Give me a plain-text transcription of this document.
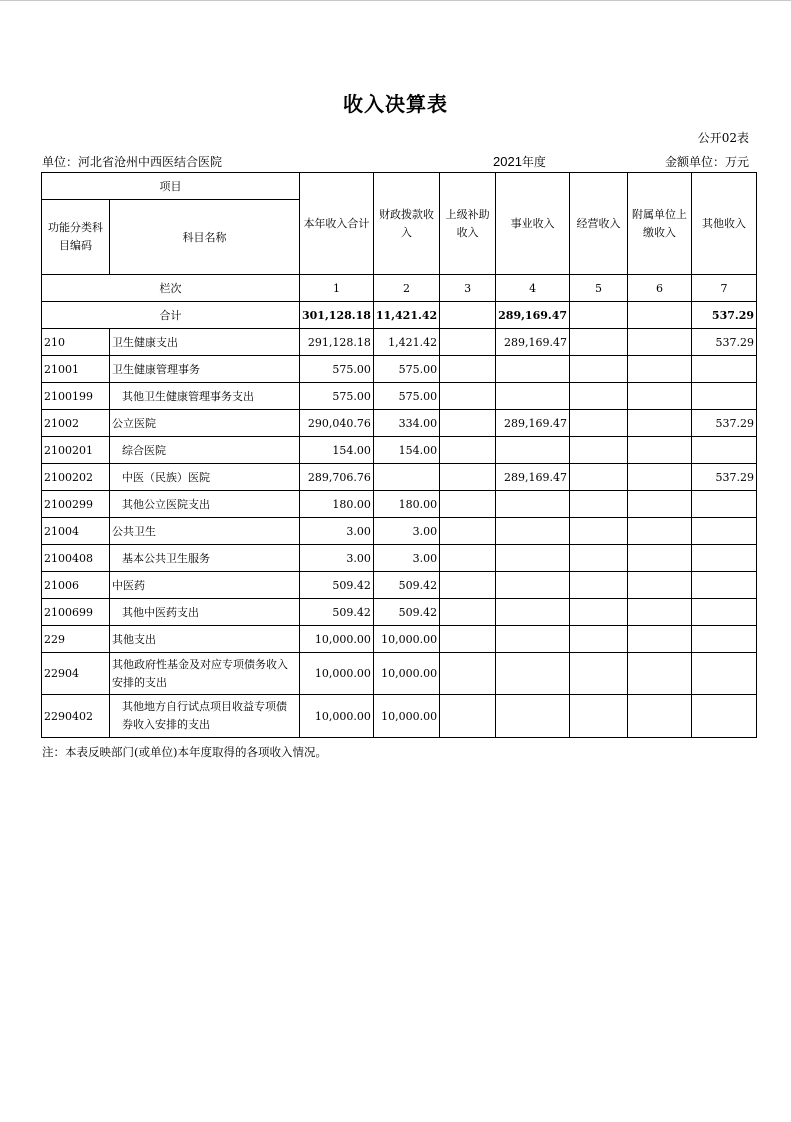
收入决算表
公开02表
单位：河北省沧州中西医结合医院	2021年度	金额单位：万元
项目		本年收入合计	财政拨款收入	上级补助收入	事业收入	经营收入	附属单位上缴收入	其他收入
功能分类科目编码	科目名称							

栏次		1	2	3	4	5	6	7
合计		301,128.18	11,421.42		289,169.47			537.29
210	卫生健康支出	291,128.18	1,421.42		289,169.47			537.29
21001	卫生健康管理事务	575.00	575.00					
2100199	其他卫生健康管理事务支出	575.00	575.00					
21002	公立医院	290,040.76	334.00		289,169.47			537.29
2100201	综合医院	154.00	154.00					
2100202	中医（民族）医院	289,706.76			289,169.47			537.29
2100299	其他公立医院支出	180.00	180.00					
21004	公共卫生	3.00	3.00					
2100408	基本公共卫生服务	3.00	3.00					
21006	中医药	509.42	509.42					
2100699	其他中医药支出	509.42	509.42					
229	其他支出	10,000.00	10,000.00					
22904	其他政府性基金及对应专项债务收入安排的支出	10,000.00	10,000.00					
2290402	其他地方自行试点项目收益专项债券收入安排的支出	10,000.00	10,000.00					
注：本表反映部门(或单位)本年度取得的各项收入情况。
